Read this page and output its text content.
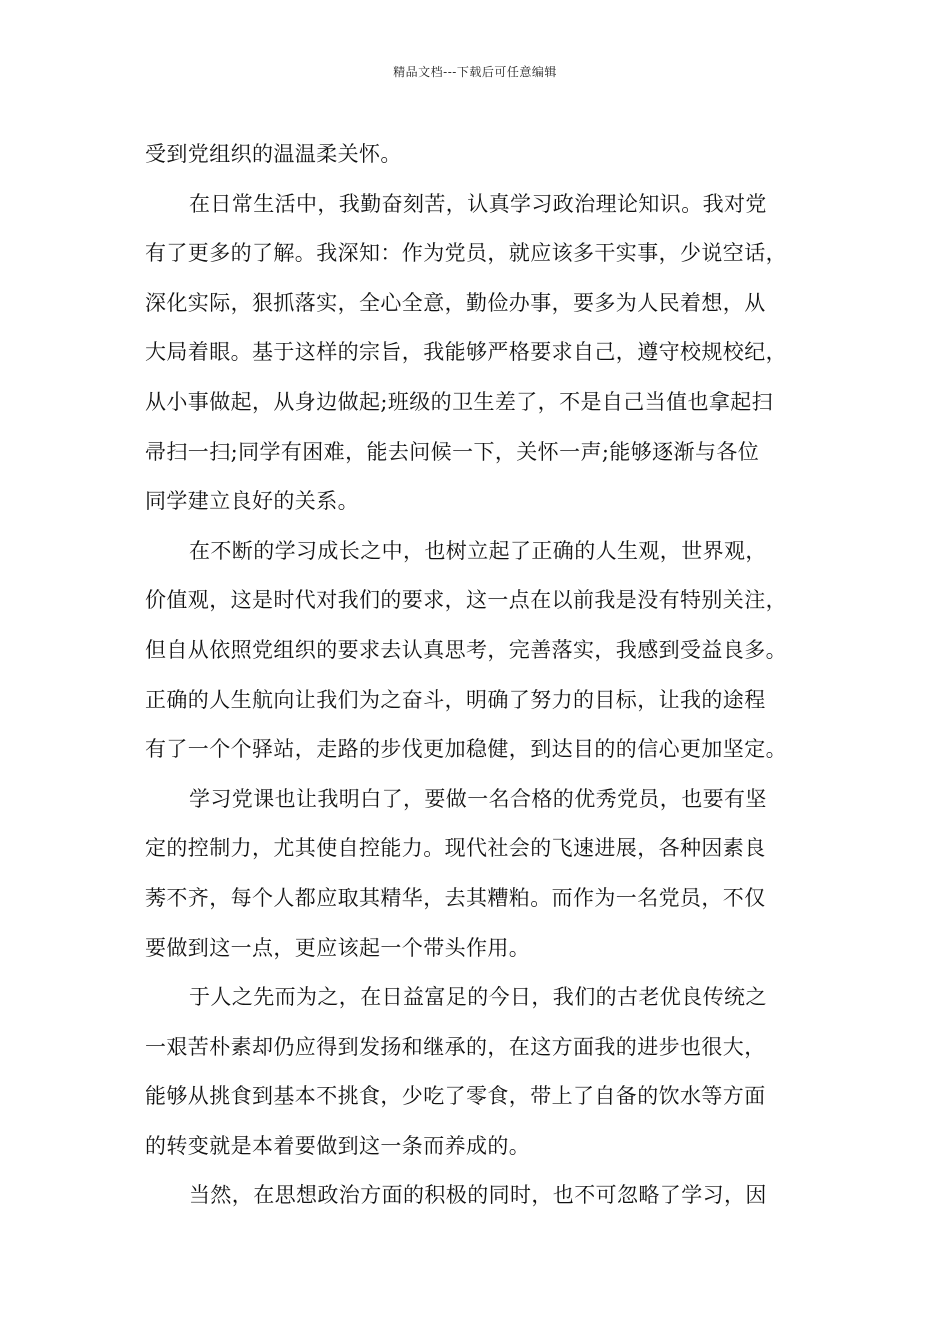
精品文档---下载后可任意编辑

受到党组织的温温柔关怀。

在日常生活中，我勤奋刻苦，认真学习政治理论知识。我对党

有了更多的了解。我深知：作为党员，就应该多干实事，少说空话，

深化实际，狠抓落实，全心全意，勤俭办事，要多为人民着想，从

大局着眼。基于这样的宗旨，我能够严格要求自己，遵守校规校纪，

从小事做起，从身边做起;班级的卫生差了，不是自己当值也拿起扫

帚扫一扫;同学有困难，能去问候一下，关怀一声;能够逐渐与各位

同学建立良好的关系。

在不断的学习成长之中，也树立起了正确的人生观，世界观，

价值观，这是时代对我们的要求，这一点在以前我是没有特别关注，

但自从依照党组织的要求去认真思考，完善落实，我感到受益良多。

正确的人生航向让我们为之奋斗，明确了努力的目标，让我的途程

有了一个个驿站，走路的步伐更加稳健，到达目的的信心更加坚定。

学习党课也让我明白了，要做一名合格的优秀党员，也要有坚

定的控制力，尤其使自控能力。现代社会的飞速进展，各种因素良

莠不齐，每个人都应取其精华，去其糟粕。而作为一名党员，不仅

要做到这一点，更应该起一个带头作用。

于人之先而为之，在日益富足的今日，我们的古老优良传统之

一艰苦朴素却仍应得到发扬和继承的，在这方面我的进步也很大，

能够从挑食到基本不挑食，少吃了零食，带上了自备的饮水等方面

的转变就是本着要做到这一条而养成的。

当然，在思想政治方面的积极的同时，也不可忽略了学习，因
